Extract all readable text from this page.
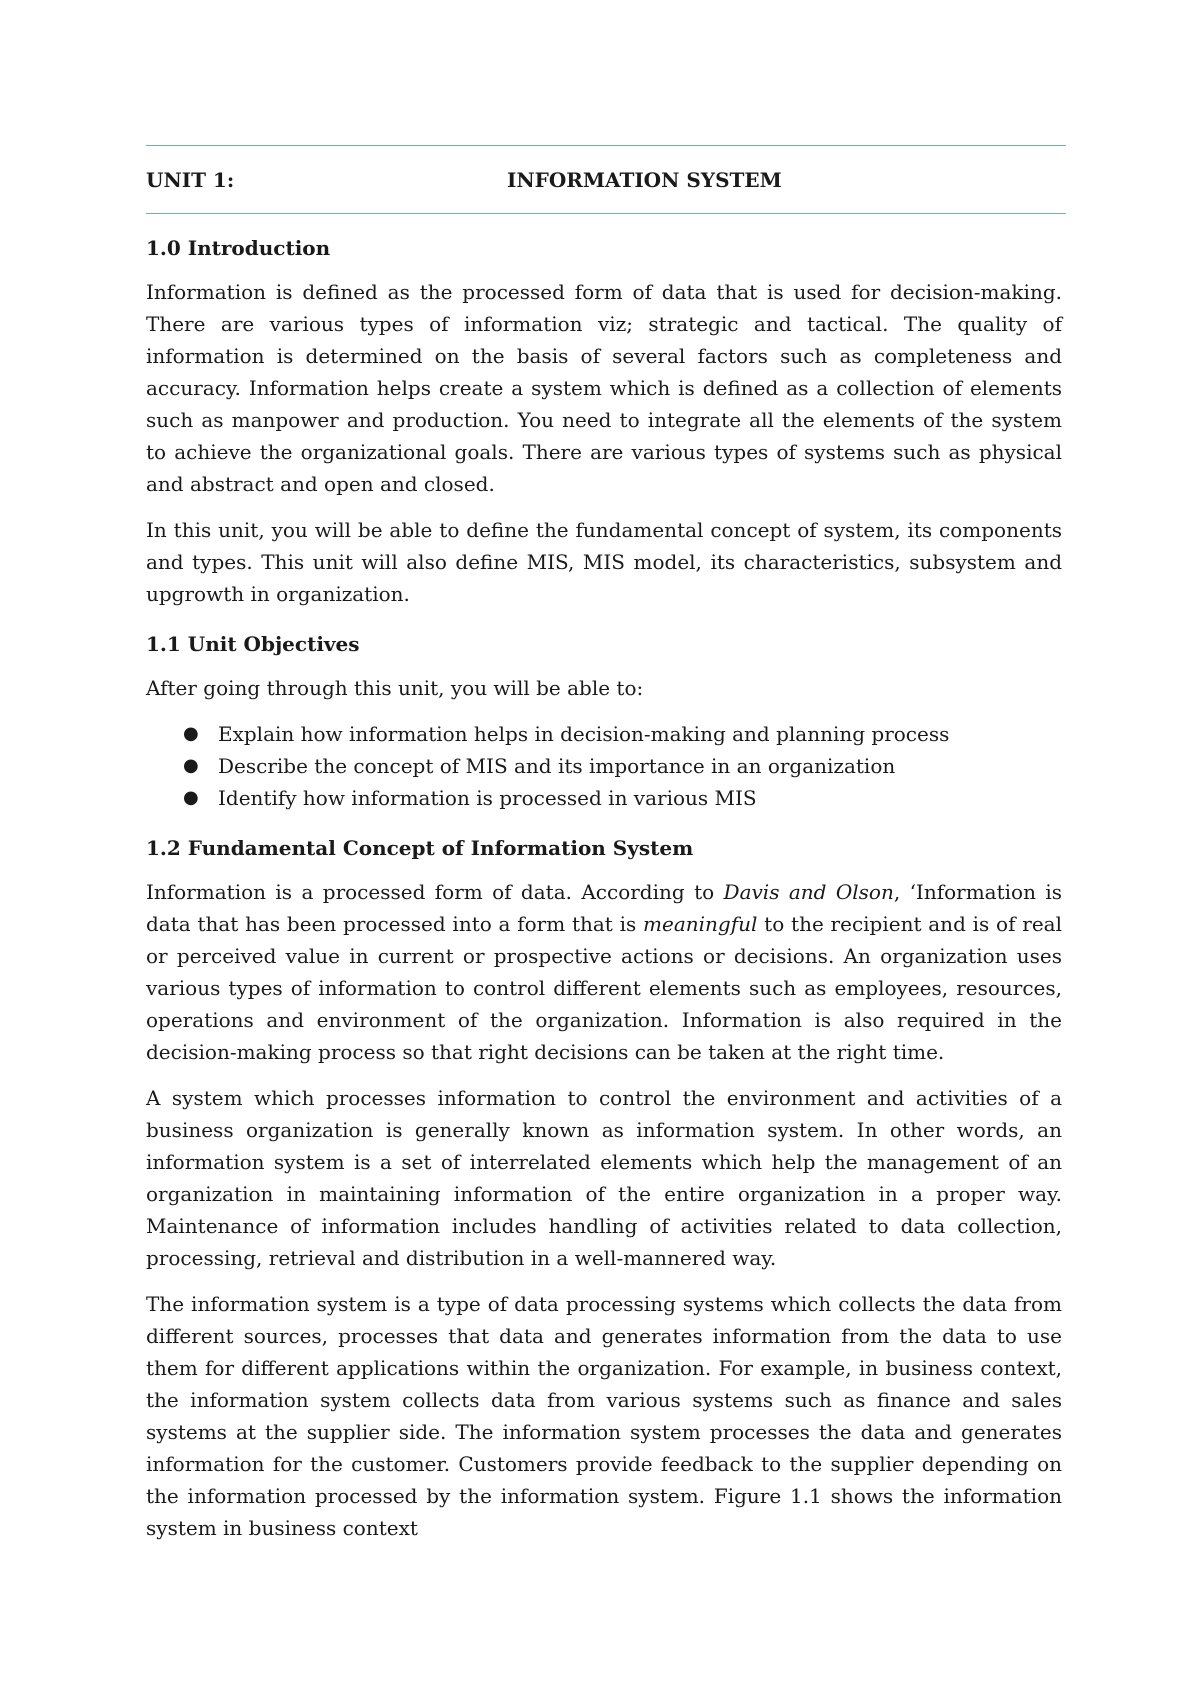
UNIT 1:	INFORMATION SYSTEM
1.0 Introduction

Information is defined as the processed form of data that is used for decision-making. There are various types of information viz; strategic and tactical. The quality of information is determined on the basis of several factors such as completeness and accuracy. Information helps create a system which is defined as a collection of elements such as manpower and production. You need to integrate all the elements of the system to achieve the organizational goals. There are various types of systems such as physical and abstract and open and closed.

In this unit, you will be able to define the fundamental concept of system, its components and types. This unit will also define MIS, MIS model, its characteristics, subsystem and upgrowth in organization.

1.1 Unit Objectives

After going through this unit, you will be able to:

● Explain how information helps in decision-making and planning process
● Describe the concept of MIS and its importance in an organization
● Identify how information is processed in various MIS
1.2 Fundamental Concept of Information System

Information is a processed form of data. According to Davis and Olson, ‘Information is data that has been processed into a form that is meaningful to the recipient and is of real or perceived value in current or prospective actions or decisions. An organization uses various types of information to control different elements such as employees, resources, operations and environment of the organization. Information is also required in the decision-making process so that right decisions can be taken at the right time.

A system which processes information to control the environment and activities of a business organization is generally known as information system. In other words, an information system is a set of interrelated elements which help the management of an organization in maintaining information of the entire organization in a proper way. Maintenance of information includes handling of activities related to data collection, processing, retrieval and distribution in a well-mannered way.

The information system is a type of data processing systems which collects the data from different sources, processes that data and generates information from the data to use them for different applications within the organization. For example, in business context, the information system collects data from various systems such as finance and sales systems at the supplier side. The information system processes the data and generates information for the customer. Customers provide feedback to the supplier depending on the information processed by the information system. Figure 1.1 shows the information system in business context
